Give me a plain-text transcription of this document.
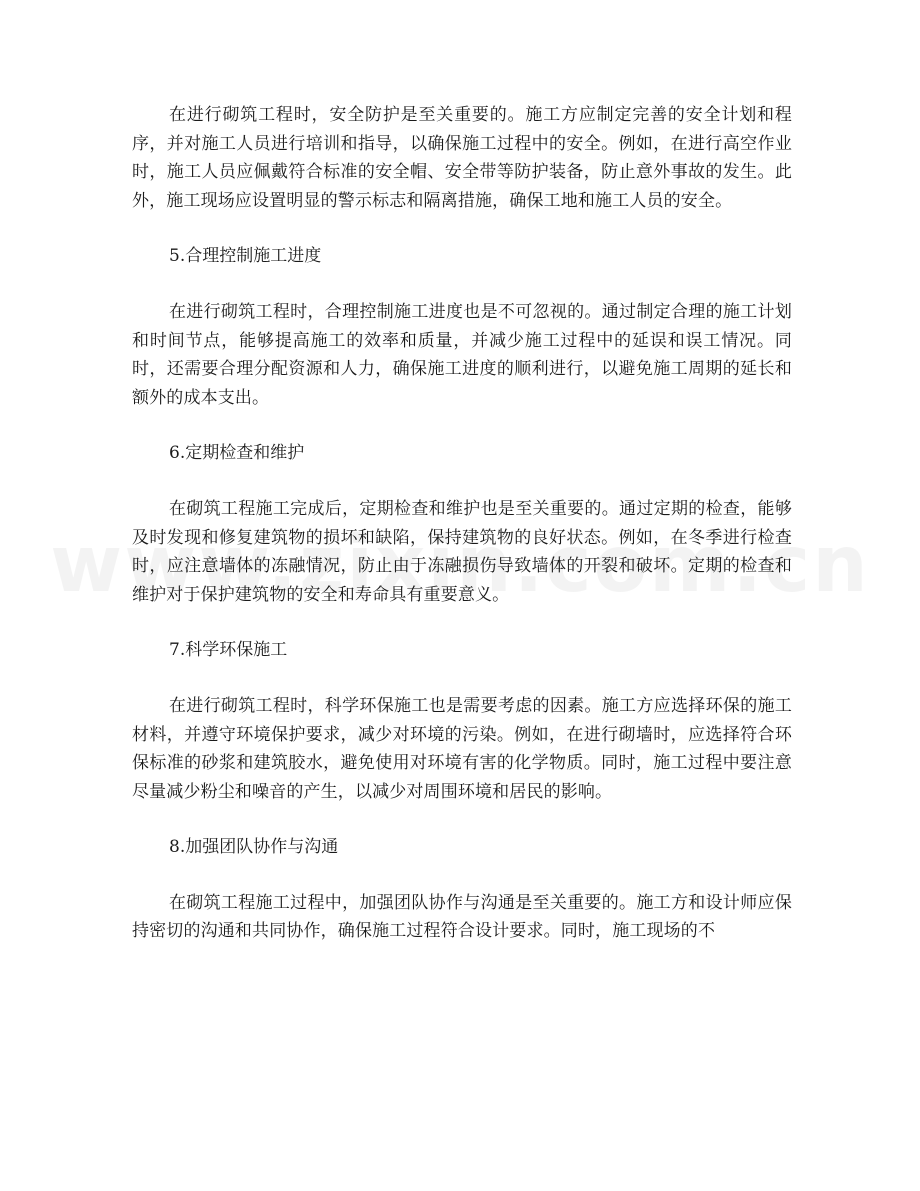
在进行砌筑工程时，安全防护是至关重要的。施工方应制定完善的安全计划和程序，并对施工人员进行培训和指导，以确保施工过程中的安全。例如，在进行高空作业时，施工人员应佩戴符合标准的安全帽、安全带等防护装备，防止意外事故的发生。此外，施工现场应设置明显的警示标志和隔离措施，确保工地和施工人员的安全。

5.合理控制施工进度

在进行砌筑工程时，合理控制施工进度也是不可忽视的。通过制定合理的施工计划和时间节点，能够提高施工的效率和质量，并减少施工过程中的延误和误工情况。同时，还需要合理分配资源和人力，确保施工进度的顺利进行，以避免施工周期的延长和额外的成本支出。

6.定期检查和维护

在砌筑工程施工完成后，定期检查和维护也是至关重要的。通过定期的检查，能够及时发现和修复建筑物的损坏和缺陷，保持建筑物的良好状态。例如，在冬季进行检查时，应注意墙体的冻融情况，防止由于冻融损伤导致墙体的开裂和破坏。定期的检查和维护对于保护建筑物的安全和寿命具有重要意义。

7.科学环保施工

在进行砌筑工程时，科学环保施工也是需要考虑的因素。施工方应选择环保的施工材料，并遵守环境保护要求，减少对环境的污染。例如，在进行砌墙时，应选择符合环保标准的砂浆和建筑胶水，避免使用对环境有害的化学物质。同时，施工过程中要注意尽量减少粉尘和噪音的产生，以减少对周围环境和居民的影响。

8.加强团队协作与沟通

在砌筑工程施工过程中，加强团队协作与沟通是至关重要的。施工方和设计师应保持密切的沟通和共同协作，确保施工过程符合设计要求。同时，施工现场的不
